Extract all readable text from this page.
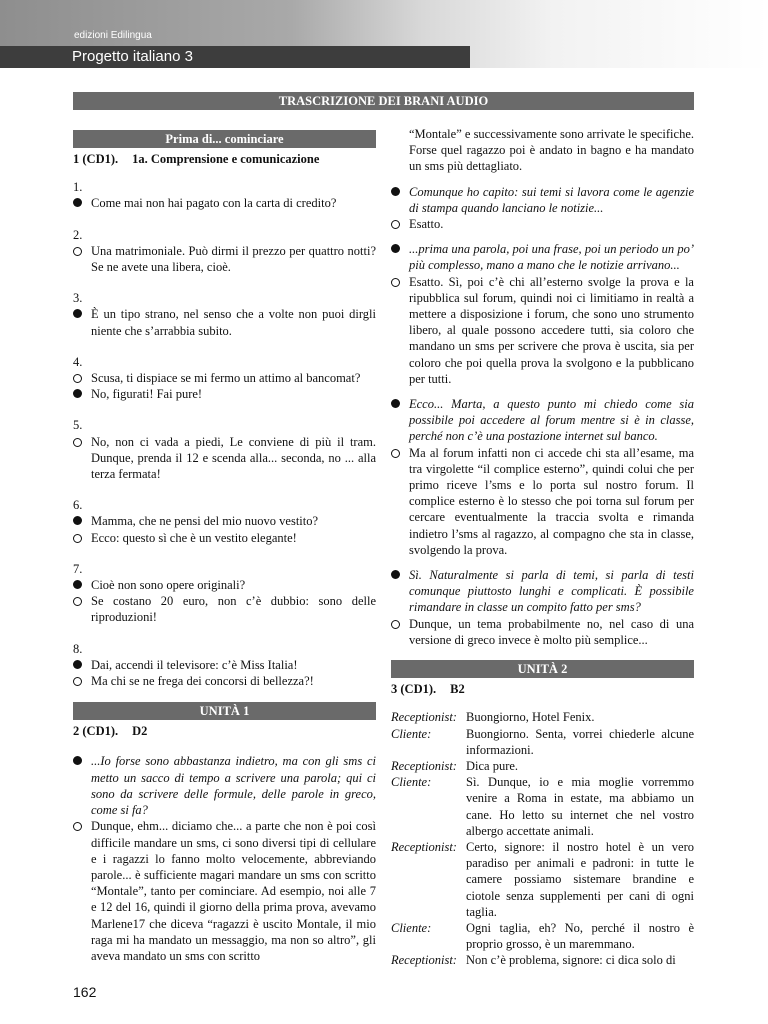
edizioni Edilingua
Progetto italiano 3
TRASCRIZIONE DEI BRANI AUDIO
Prima di... cominciare
1 (CD1). 1a. Comprensione e comunicazione
1.
Come mai non hai pagato con la carta di credito?
2.
Una matrimoniale. Può dirmi il prezzo per quattro notti? Se ne avete una libera, cioè.
3.
È un tipo strano, nel senso che a volte non puoi dirgli niente che s’arrabbia subito.
4.
Scusa, ti dispiace se mi fermo un attimo al bancomat?
No, figurati! Fai pure!
5.
No, non ci vada a piedi, Le conviene di più il tram. Dunque, prenda il 12 e scenda alla... seconda, no ... alla terza fermata!
6.
Mamma, che ne pensi del mio nuovo vestito?
Ecco: questo sì che è un vestito elegante!
7.
Cioè non sono opere originali?
Se costano 20 euro, non c’è dubbio: sono delle riproduzioni!
8.
Dai, accendi il televisore: c’è Miss Italia!
Ma chi se ne frega dei concorsi di bellezza?!
UNITÀ 1
2 (CD1). D2
...Io forse sono abbastanza indietro, ma con gli sms ci metto un sacco di tempo a scrivere una parola; qui ci sono da scrivere delle formule, delle parole in greco, come si fa?
Dunque, ehm... diciamo che... a parte che non è poi così difficile mandare un sms, ci sono diversi tipi di cellulare e i ragazzi lo fanno molto velocemente, abbreviando parole... è sufficiente magari mandare un sms con scritto “Montale”, tanto per cominciare. Ad esempio, noi alle 7 e 12 del 16, quindi il giorno della prima prova, avevamo Marlene17 che diceva “ragazzi è uscito Montale, il mio raga mi ha mandato un messaggio, ma non so altro”, gli aveva mandato un sms con scritto
“Montale” e successivamente sono arrivate le specifiche. Forse quel ragazzo poi è andato in bagno e ha mandato un sms più dettagliato.
Comunque ho capito: sui temi si lavora come le agenzie di stampa quando lanciano le notizie...
Esatto.
...prima una parola, poi una frase, poi un periodo un po’ più complesso, mano a mano che le notizie arrivano...
Esatto. Sì, poi c’è chi all’esterno svolge la prova e la ripubblica sul forum, quindi noi ci limitiamo in realtà a mettere a disposizione i forum, che sono uno strumento libero, al quale possono accedere tutti, sia coloro che mandano un sms per scrivere che prova è uscita, sia per coloro che poi quella prova la svolgono e la pubblicano per tutti.
Ecco... Marta, a questo punto mi chiedo come sia possibile poi accedere al forum mentre si è in classe, perché non c’è una postazione internet sul banco.
Ma al forum infatti non ci accede chi sta all’esame, ma tra virgolette “il complice esterno”, quindi colui che per primo riceve l’sms e lo porta sul nostro forum. Il complice esterno è lo stesso che poi torna sul forum per cercare eventualmente la traccia svolta e rimanda indietro l’sms al ragazzo, al compagno che sta in classe, svolgendo la prova.
Sì. Naturalmente si parla di temi, si parla di testi comunque piuttosto lunghi e complicati. È possibile rimandare in classe un compito fatto per sms?
Dunque, un tema probabilmente no, nel caso di una versione di greco invece è molto più semplice...
UNITÀ 2
3 (CD1). B2
Receptionist: Buongiorno, Hotel Fenix.
Cliente:	Buongiorno. Senta, vorrei chiederle alcune informazioni.
Receptionist: Dica pure.
Cliente:	Sì. Dunque, io e mia moglie vorremmo venire a Roma in estate, ma abbiamo un cane. Ho letto su internet che nel vostro albergo accettate animali.
Receptionist: Certo, signore: il nostro hotel è un vero paradiso per animali e padroni: in tutte le camere possiamo sistemare brandine e ciotole senza supplementi per cani di ogni taglia.
Cliente:	Ogni taglia, eh? No, perché il nostro è proprio grosso, è un maremmano.
Receptionist: Non c’è problema, signore: ci dica solo di
162
